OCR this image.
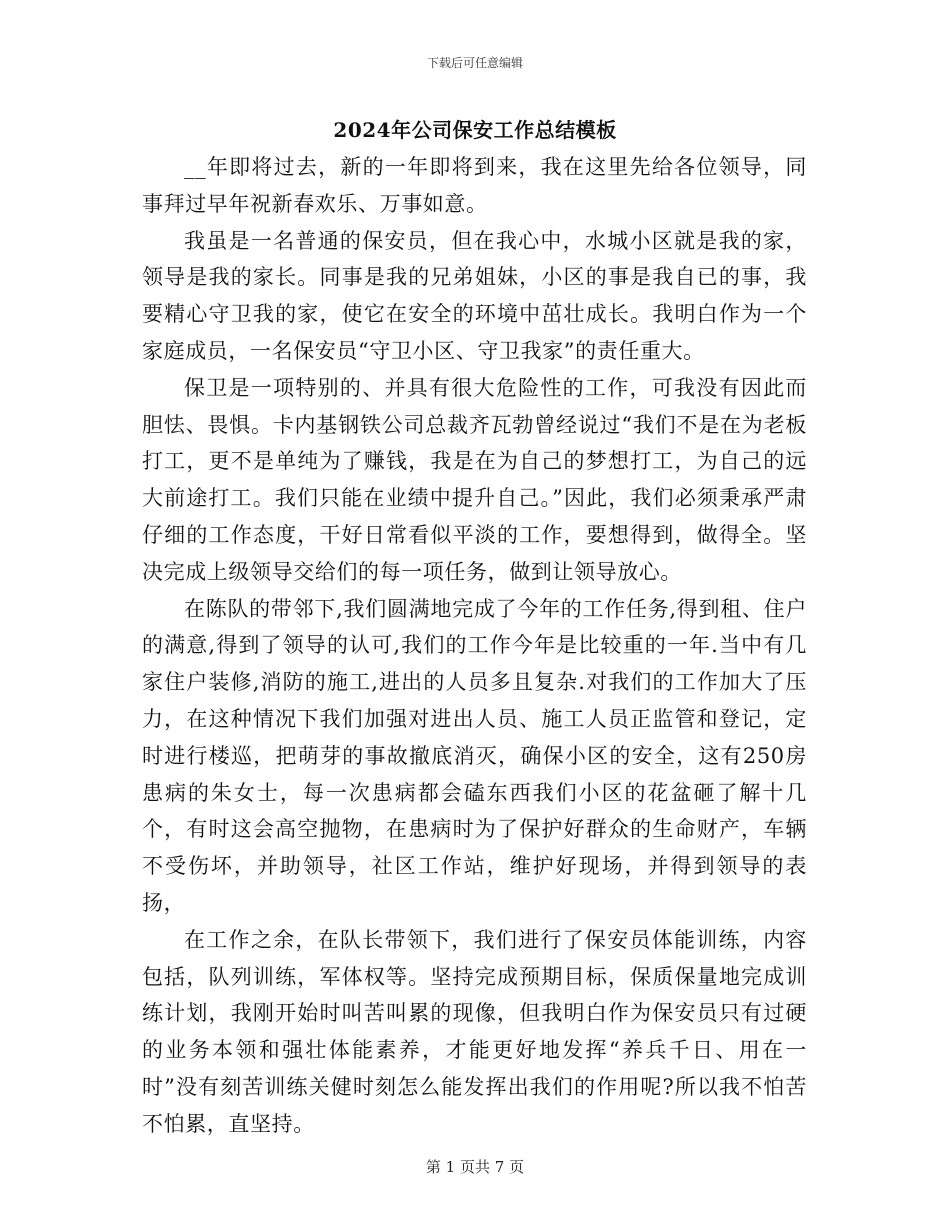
下载后可任意编辑
2024年公司保安工作总结模板

__年即将过去，新的一年即将到来，我在这里先给各位领导，同事拜过早年祝新春欢乐、万事如意。

我虽是一名普通的保安员，但在我心中，水城小区就是我的家，领导是我的家长。同事是我的兄弟姐妹，小区的事是我自已的事，我要精心守卫我的家，使它在安全的环境中茁壮成长。我明白作为一个家庭成员，一名保安员“守卫小区、守卫我家”的责任重大。

保卫是一项特别的、并具有很大危险性的工作，可我没有因此而胆怯、畏惧。卡内基钢铁公司总裁齐瓦勃曾经说过“我们不是在为老板打工，更不是单纯为了赚钱，我是在为自己的梦想打工，为自己的远大前途打工。我们只能在业绩中提升自己。”因此，我们必须秉承严肃仔细的工作态度，干好日常看似平淡的工作，要想得到，做得全。坚决完成上级领导交给们的每一项任务，做到让领导放心。

在陈队的带邻下,我们圆满地完成了今年的工作任务,得到租、住户的满意,得到了领导的认可,我们的工作今年是比较重的一年.当中有几家住户装修,消防的施工,进出的人员多且复杂.对我们的工作加大了压力，在这种情况下我们加强对进出人员、施工人员正监管和登记，定时进行楼巡，把萌芽的事故撤底消灭，确保小区的安全，这有250房患病的朱女士，每一次患病都会磕东西我们小区的花盆砸了解十几个，有时这会高空抛物，在患病时为了保护好群众的生命财产，车辆不受伤坏，并助领导，社区工作站，维护好现场，并得到领导的表扬，

在工作之余，在队长带领下，我们进行了保安员体能训练，内容包括，队列训练，军体权等。坚持完成预期目标，保质保量地完成训练计划，我刚开始时叫苦叫累的现像，但我明白作为保安员只有过硬的业务本领和强壮体能素养，才能更好地发挥“养兵千日、用在一时”没有刻苦训练关健时刻怎么能发挥出我们的作用呢?所以我不怕苦不怕累，直坚持。

第 1 页共 7 页
